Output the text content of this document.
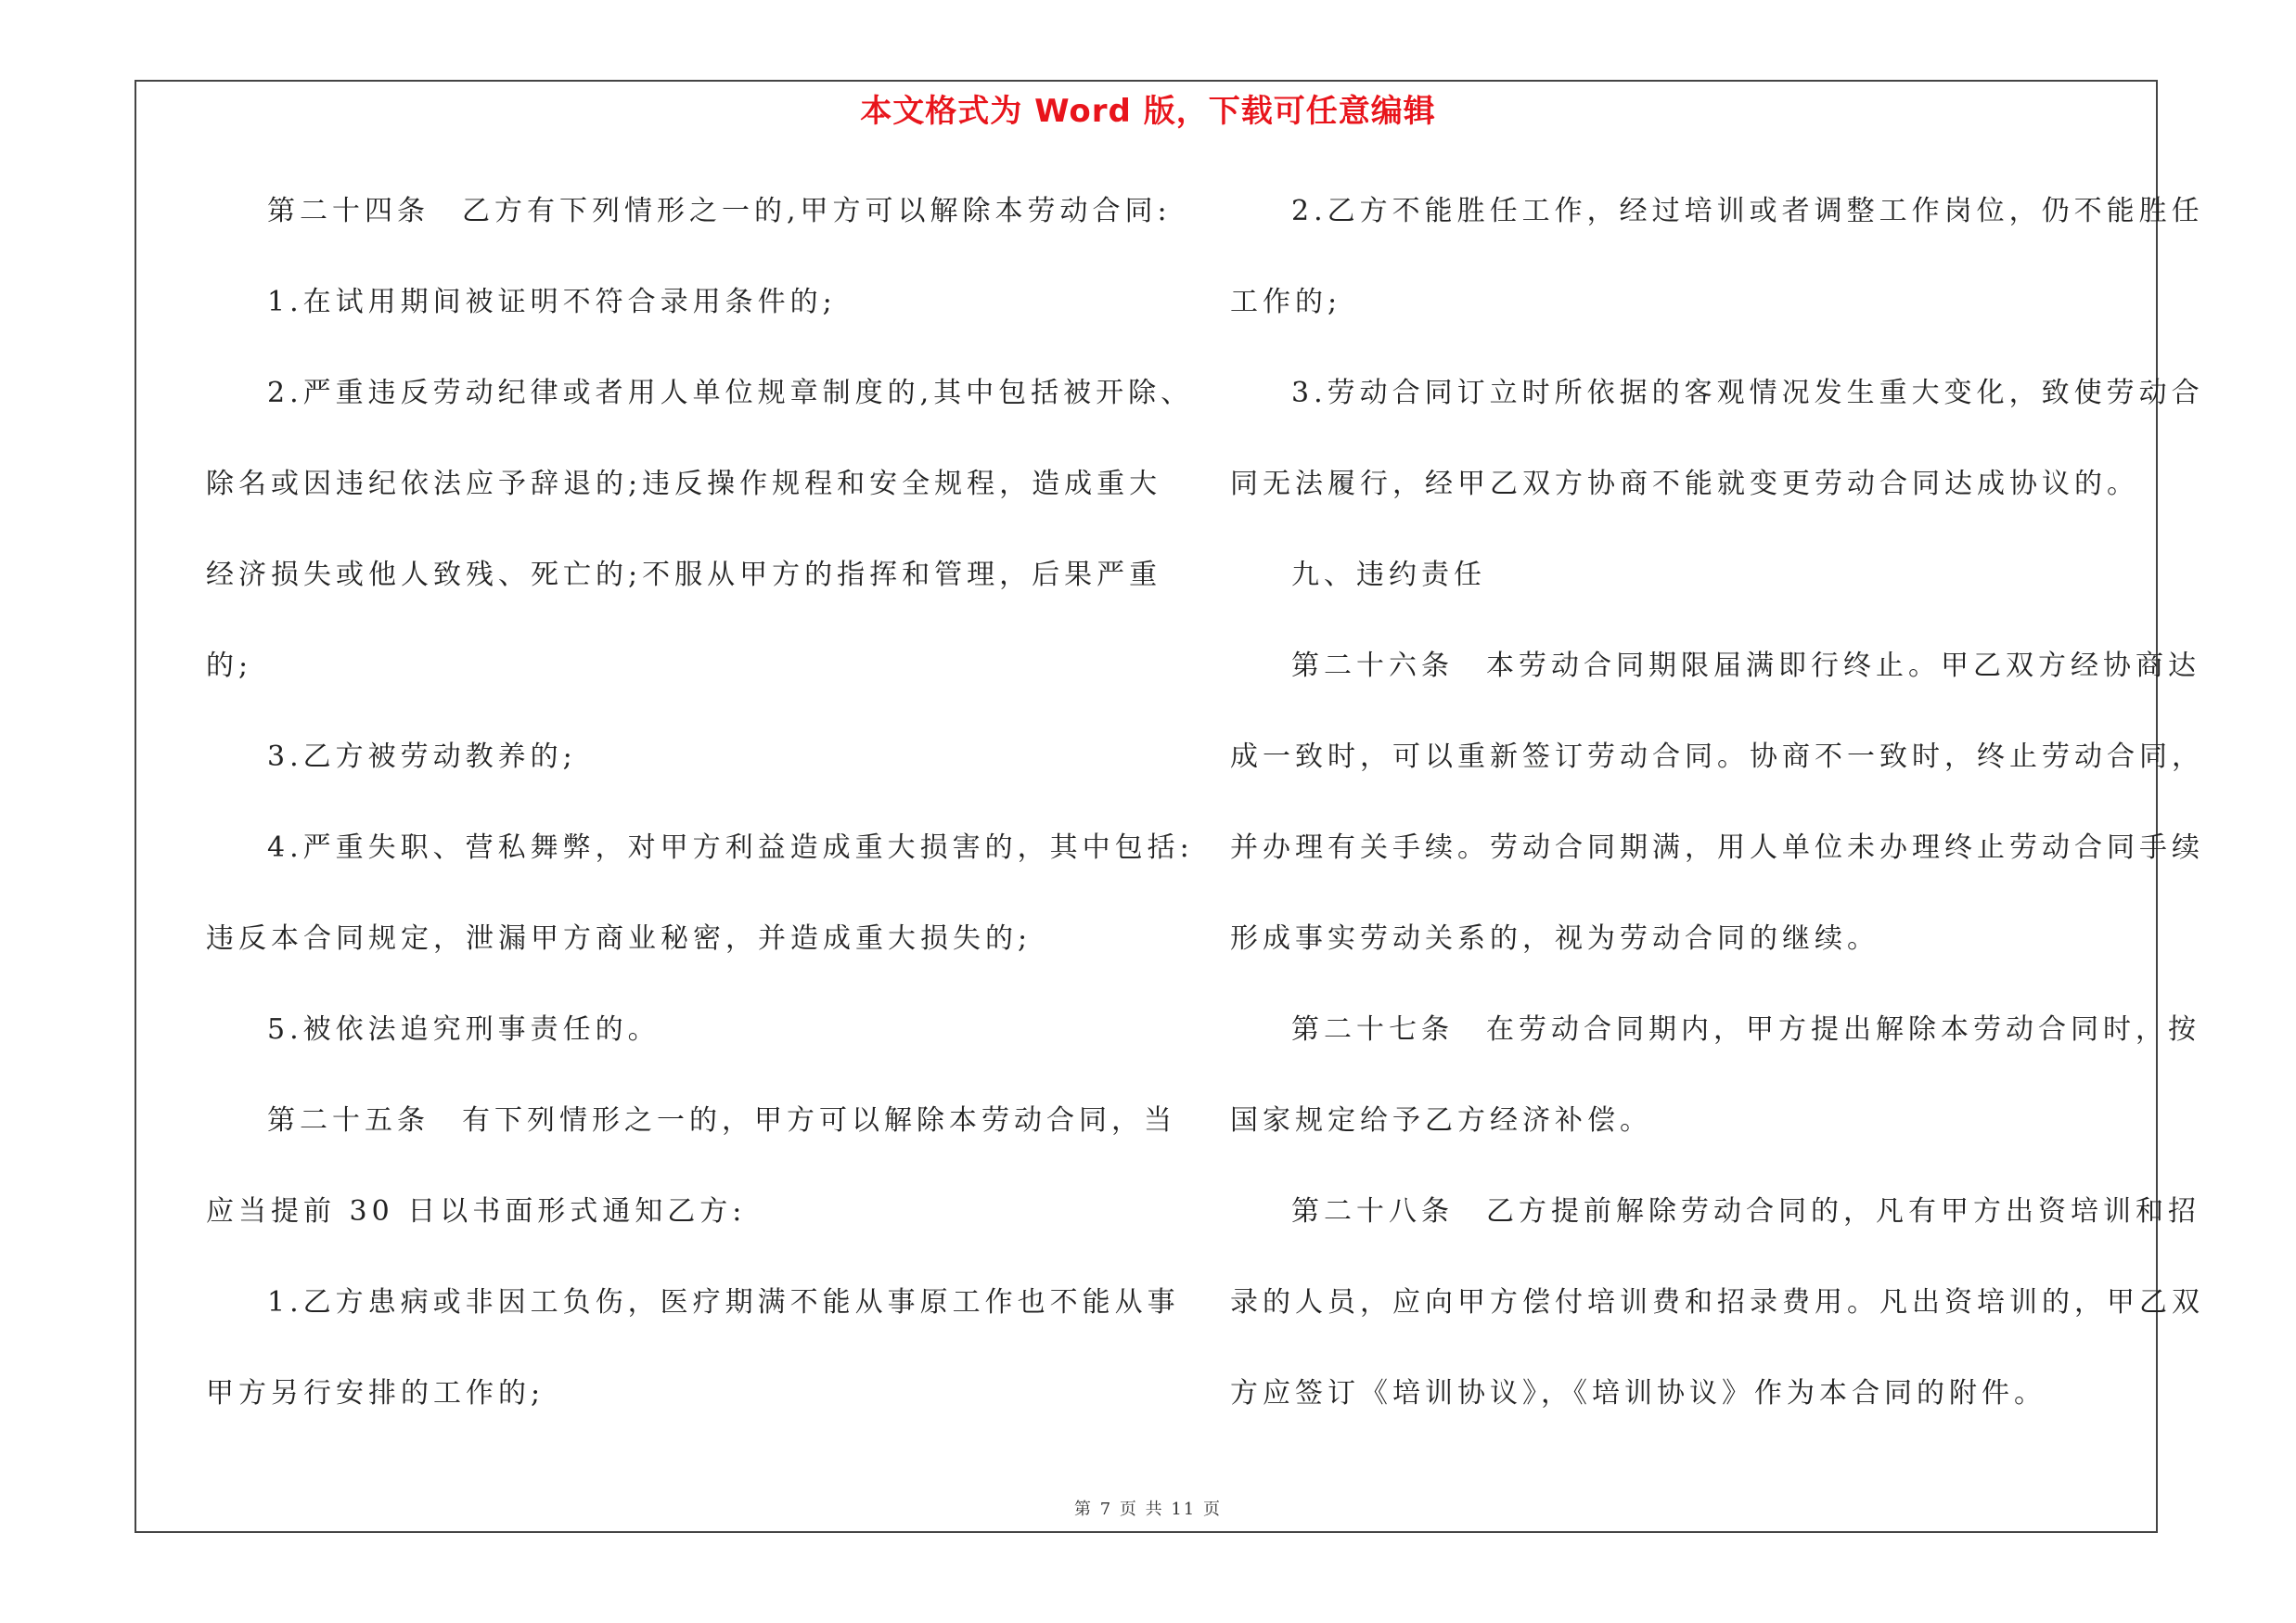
本文格式为 Word 版，下载可任意编辑
第二十四条　乙方有下列情形之一的,甲方可以解除本劳动合同:
1.在试用期间被证明不符合录用条件的;
2.严重违反劳动纪律或者用人单位规章制度的,其中包括被开除、
除名或因违纪依法应予辞退的;违反操作规程和安全规程，造成重大
经济损失或他人致残、死亡的;不服从甲方的指挥和管理，后果严重
的;
3.乙方被劳动教养的;
4.严重失职、营私舞弊，对甲方利益造成重大损害的，其中包括:
违反本合同规定，泄漏甲方商业秘密，并造成重大损失的;
5.被依法追究刑事责任的。
第二十五条　有下列情形之一的，甲方可以解除本劳动合同，当
应当提前 30 日以书面形式通知乙方:
1.乙方患病或非因工负伤，医疗期满不能从事原工作也不能从事
甲方另行安排的工作的;
2.乙方不能胜任工作，经过培训或者调整工作岗位，仍不能胜任
工作的;
3.劳动合同订立时所依据的客观情况发生重大变化，致使劳动合
同无法履行，经甲乙双方协商不能就变更劳动合同达成协议的。
九、违约责任
第二十六条　本劳动合同期限届满即行终止。甲乙双方经协商达
成一致时，可以重新签订劳动合同。协商不一致时，终止劳动合同，
并办理有关手续。劳动合同期满，用人单位未办理终止劳动合同手续
形成事实劳动关系的，视为劳动合同的继续。
第二十七条　在劳动合同期内，甲方提出解除本劳动合同时，按
国家规定给予乙方经济补偿。
第二十八条　乙方提前解除劳动合同的，凡有甲方出资培训和招
录的人员，应向甲方偿付培训费和招录费用。凡出资培训的，甲乙双
方应签订《培训协议》，《培训协议》作为本合同的附件。
第 7 页 共 11 页
